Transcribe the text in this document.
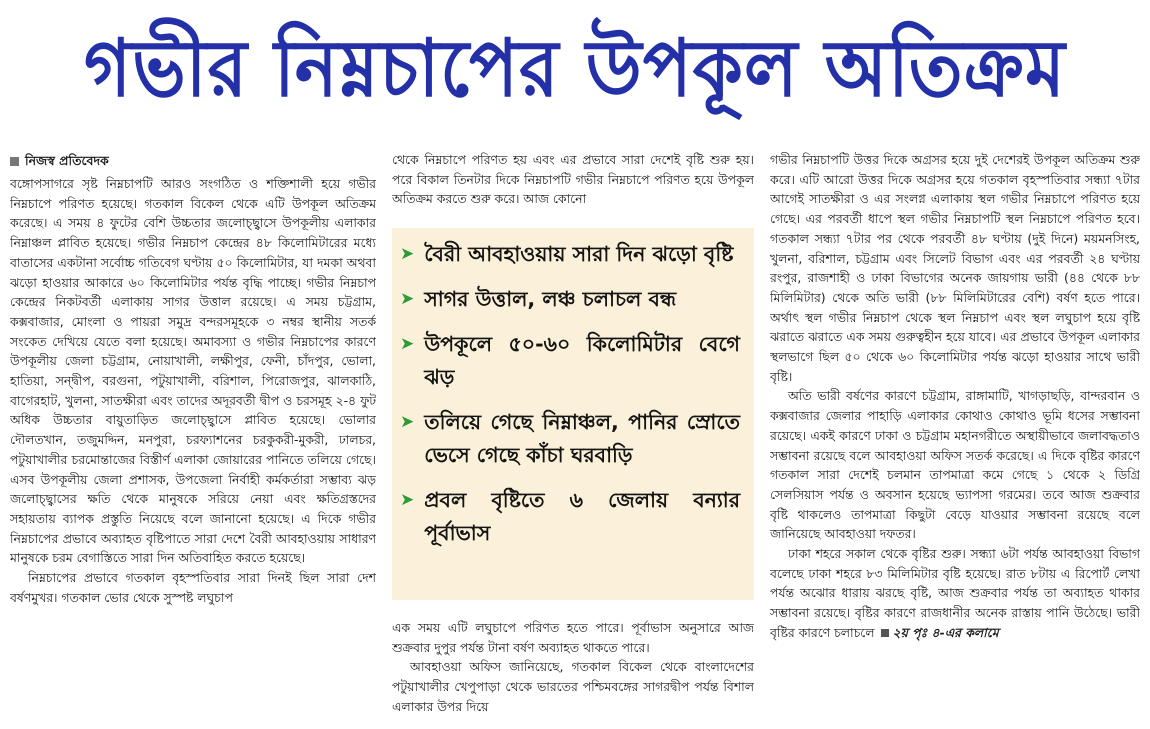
গভীর নিম্নচাপের উপকূল অতিক্রম
নিজস্ব প্রতিবেদক

বঙ্গোপসাগরে সৃষ্ট নিম্নচাপটি আরও সংগঠিত ও শক্তিশালী হয়ে গভীর নিম্নচাপে পরিণত হয়েছে। গতকাল বিকেল থেকে এটি উপকূল অতিক্রম করেছে। এ সময় ৪ ফুটের বেশি উচ্চতার জলোচ্ছ্বাসে উপকূলীয় এলাকার নিম্নাঞ্চল প্লাবিত হয়েছে। গভীর নিম্নচাপ কেন্দ্রের ৪৮ কিলোমিটারের মধ্যে বাতাসের একটানা সর্বোচ্চ গতিবেগ ঘণ্টায় ৫০ কিলোমিটার, যা দমকা অথবা ঝড়ো হাওয়ার আকারে ৬০ কিলোমিটার পর্যন্ত বৃদ্ধি পাচ্ছে। গভীর নিম্নচাপ কেন্দ্রের নিকটবর্তী এলাকায় সাগর উত্তাল রয়েছে। এ সময় চট্টগ্রাম, কক্সবাজার, মোংলা ও পায়রা সমুদ্র বন্দরসমূহকে ৩ নম্বর স্থানীয় সতর্ক সংকেত দেখিয়ে যেতে বলা হয়েছে। অমাবস্যা ও গভীর নিম্নচাপের কারণে উপকূলীয় জেলা চট্টগ্রাম, নোয়াখালী, লক্ষীপুর, ফেনী, চাঁদপুর, ভোলা, হাতিয়া, সন্দ্বীপ, বরগুনা, পটুয়াখালী, বরিশাল, পিরোজপুর, ঝালকাঠি, বাগেরহাট, খুলনা, সাতক্ষীরা এবং তাদের অদূরবর্তী দ্বীপ ও চরসমূহ ২-৪ ফুট অধিক উচ্চতার বায়ুতাড়িত জলোচ্ছ্বাসে প্লাবিত হয়েছে। ভোলার দৌলতখান, তজুমদ্দিন, মনপুরা, চরফ্যাশনের চরকুকরী-মুকরী, ঢালচর, পটুয়াখালীর চরমোন্তাজের বিস্তীর্ণ এলাকা জোয়ারের পানিতে তলিয়ে গেছে। এসব উপকূলীয় জেলা প্রশাসক, উপজেলা নির্বাহী কর্মকর্তারা সম্ভাব্য ঝড় জলোচ্ছ্বাসের ক্ষতি থেকে মানুষকে সরিয়ে নেয়া এবং ক্ষতিগ্রস্তদের সহায়তায় ব্যাপক প্রস্তুতি নিয়েছে বলে জানানো হয়েছে। এ দিকে গভীর নিম্নচাপের প্রভাবে অব্যাহত বৃষ্টিপাতে সারা দেশে বৈরী আবহাওয়ায় সাধারণ মানুষকে চরম বেগাস্তিতে সারা দিন অতিবাহিত করতে হয়েছে।

নিম্নচাপের প্রভাবে গতকাল বৃহস্পতিবার সারা দিনই ছিল সারা দেশ বর্ষণমুখর। গতকাল ভোর থেকে সুস্পষ্ট লঘুচাপ

থেকে নিম্নচাপে পরিণত হয় এবং এর প্রভাবে সারা দেশেই বৃষ্টি শুরু হয়। পরে বিকাল তিনটার দিকে নিম্নচাপটি গভীর নিম্নচাপে পরিণত হয়ে উপকূল অতিক্রম করতে শুরু করে। আজ কোনো

➤ বৈরী আবহাওয়ায় সারা দিন ঝড়ো বৃষ্টি
➤ সাগর উত্তাল, লঞ্চ চলাচল বন্ধ
➤ উপকূলে ৫০-৬০ কিলোমিটার বেগে ঝড়
➤ তলিয়ে গেছে নিম্নাঞ্চল, পানির স্রোতে ভেসে গেছে কাঁচা ঘরবাড়ি
➤ প্রবল বৃষ্টিতে ৬ জেলায় বন্যার পূর্বাভাস

এক সময় এটি লঘুচাপে পরিণত হতে পারে। পূর্বাভাস অনুসারে আজ শুক্রবার দুপুর পর্যন্ত টানা বর্ষণ অব্যাহত থাকতে পারে।

আবহাওয়া অফিস জানিয়েছে, গতকাল বিকেল থেকে বাংলাদেশের পটুয়াখালীর খেপুপাড়া থেকে ভারতের পশ্চিমবঙ্গের সাগরদ্বীপ পর্যন্ত বিশাল এলাকার উপর দিয়ে

গভীর নিম্নচাপটি উত্তর দিকে অগ্রসর হয়ে দুই দেশেরই উপকূল অতিক্রম শুরু করে। এটি আরো উত্তর দিকে অগ্রসর হয়ে গতকাল বৃহস্পতিবার সন্ধ্যা ৭টার আগেই সাতক্ষীরা ও এর সংলগ্ন এলাকায় স্থল গভীর নিম্নচাপে পরিণত হয়ে গেছে। এর পরবর্তী ধাপে স্থল গভীর নিম্নচাপটি স্থল নিম্নচাপে পরিণত হবে। গতকাল সন্ধ্যা ৭টার পর থেকে পরবর্তী ৪৮ ঘণ্টায় (দুই দিনে) ময়মনসিংহ, খুলনা, বরিশাল, চট্টগ্রাম এবং সিলেট বিভাগ এবং এর পরবর্তী ২৪ ঘণ্টায় রংপুর, রাজশাহী ও ঢাকা বিভাগের অনেক জায়গায় ভারী (৪৪ থেকে ৮৮ মিলিমিটার) থেকে অতি ভারী (৮৮ মিলিমিটারের বেশি) বর্ষণ হতে পারে। অর্থাৎ স্থল গভীর নিম্নচাপ থেকে স্থল নিম্নচাপ এবং স্থল লঘুচাপ হয়ে বৃষ্টি ঝরাতে ঝরাতে এক সময় গুরুত্বহীন হয়ে যাবে। এর প্রভাবে উপকূল এলাকার স্থলভাগে ছিল ৫০ থেকে ৬০ কিলোমিটার পর্যন্ত ঝড়ো হাওয়ার সাথে ভারী বৃষ্টি।

অতি ভারী বর্ষণের কারণে চট্টগ্রাম, রাঙ্গামাটি, খাগড়াছড়ি, বান্দরবান ও কক্সবাজার জেলার পাহাড়ি এলাকার কোথাও কোথাও ভূমি ধসের সম্ভাবনা রয়েছে। একই কারণে ঢাকা ও চট্টগ্রাম মহানগরীতে অস্থায়ীভাবে জলাবদ্ধতাও সম্ভাবনা রয়েছে বলে আবহাওয়া অফিস সতর্ক করেছে। এ দিকে বৃষ্টির কারণে গতকাল সারা দেশেই চলমান তাপমাত্রা কমে গেছে ১ থেকে ২ ডিগ্রি সেলসিয়াস পর্যন্ত ও অবসান হয়েছে ভ্যাপসা গরমের। তবে আজ শুক্রবার বৃষ্টি থাকলেও তাপমাত্রা কিছুটা বেড়ে যাওয়ার সম্ভাবনা রয়েছে বলে জানিয়েছে আবহাওয়া দফতর।

ঢাকা শহরে সকাল থেকে বৃষ্টির শুরু। সন্ধ্যা ৬টা পর্যন্ত আবহাওয়া বিভাগ বলেছে ঢাকা শহরে ৮৩ মিলিমিটার বৃষ্টি হয়েছে। রাত ৮টায় এ রিপোর্ট লেখা পর্যন্ত অঝোর ধারায় ঝরছে বৃষ্টি, আজ শুক্রবার পর্যন্ত তা অব্যাহত থাকার সম্ভাবনা রয়েছে। বৃষ্টির কারণে রাজধানীর অনেক রাস্তায় পানি উঠেছে। ভারী বৃষ্টির কারণে চলাচলে ২য় পৃঃ ৪-এর কলামে
